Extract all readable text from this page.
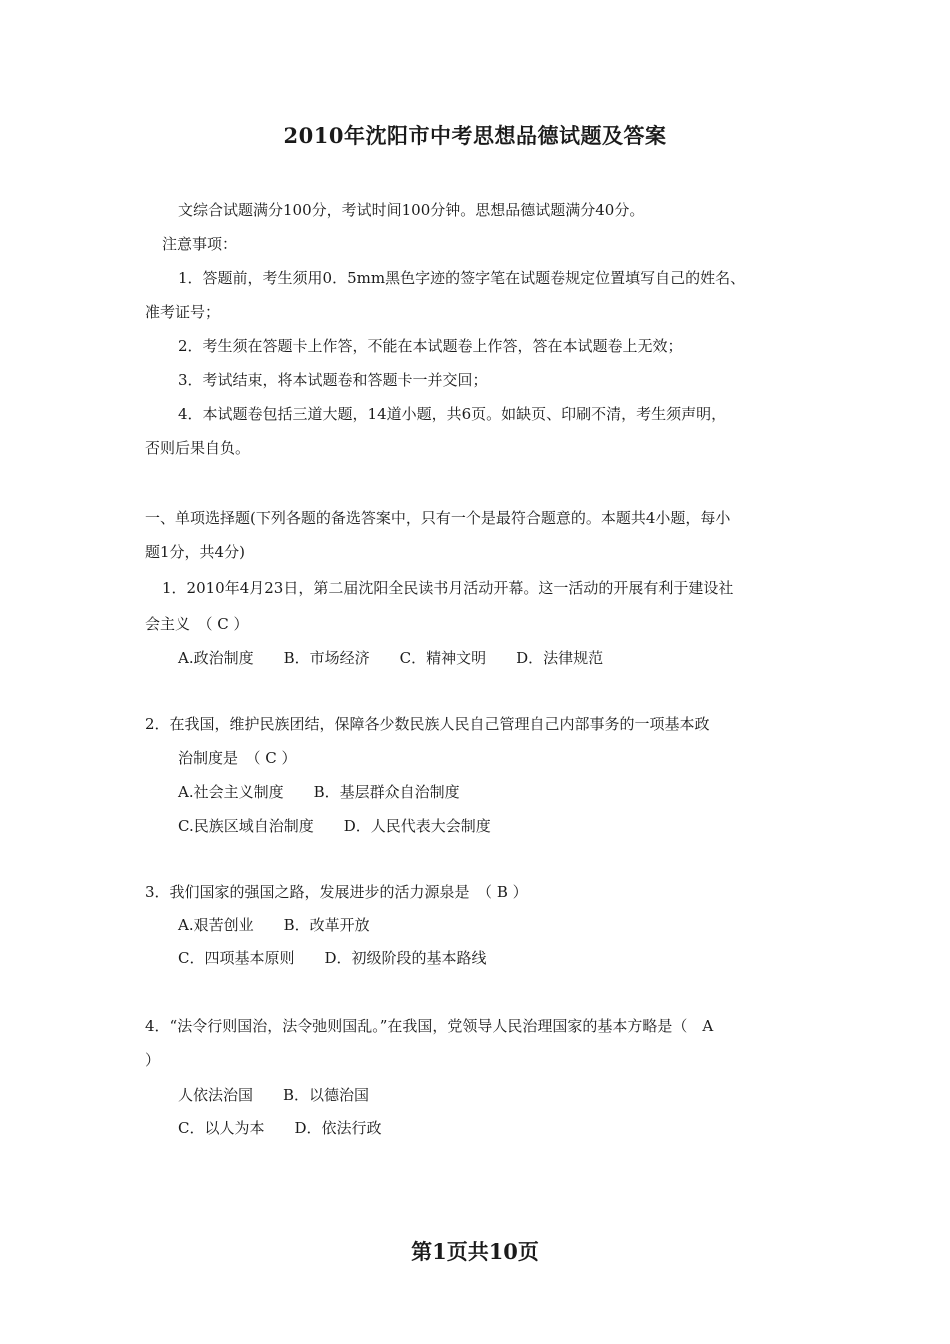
2010年沈阳市中考思想品德试题及答案
文综合试题满分100分，考试时间100分钟。思想品德试题满分40分。
注意事项：
1．答题前，考生须用0．5mm黑色字迹的签字笔在试题卷规定位置填写自己的姓名、
准考证号；
2．考生须在答题卡上作答，不能在本试题卷上作答，答在本试题卷上无效；
3．考试结束，将本试题卷和答题卡一并交回；
4．本试题卷包括三道大题，14道小题，共6页。如缺页、印刷不清，考生须声明，
否则后果自负。
一、单项选择题(下列各题的备选答案中，只有一个是最符合题意的。本题共4小题，每小
题1分，共4分)
1．2010年4月23日，第二届沈阳全民读书月活动开幕。这一活动的开展有利于建设社
会主义　（ C ）
A.政治制度 B．市场经济 C．精神文明 D．法律规范
2．在我国，维护民族团结，保障各少数民族人民自己管理自己内部事务的一项基本政
治制度是　（ C ）
A.社会主义制度 B．基层群众自治制度
C.民族区域自治制度 D．人民代表大会制度
3．我们国家的强国之路，发展进步的活力源泉是　（ B ）
A.艰苦创业 B．改革开放
C．四项基本原则 D．初级阶段的基本路线
4．“法令行则国治，法令弛则国乱。”在我国，党领导人民治理国家的基本方略是（　A
）
人依法治国 B．以德治国
C．以人为本 D．依法行政
第1页共10页
